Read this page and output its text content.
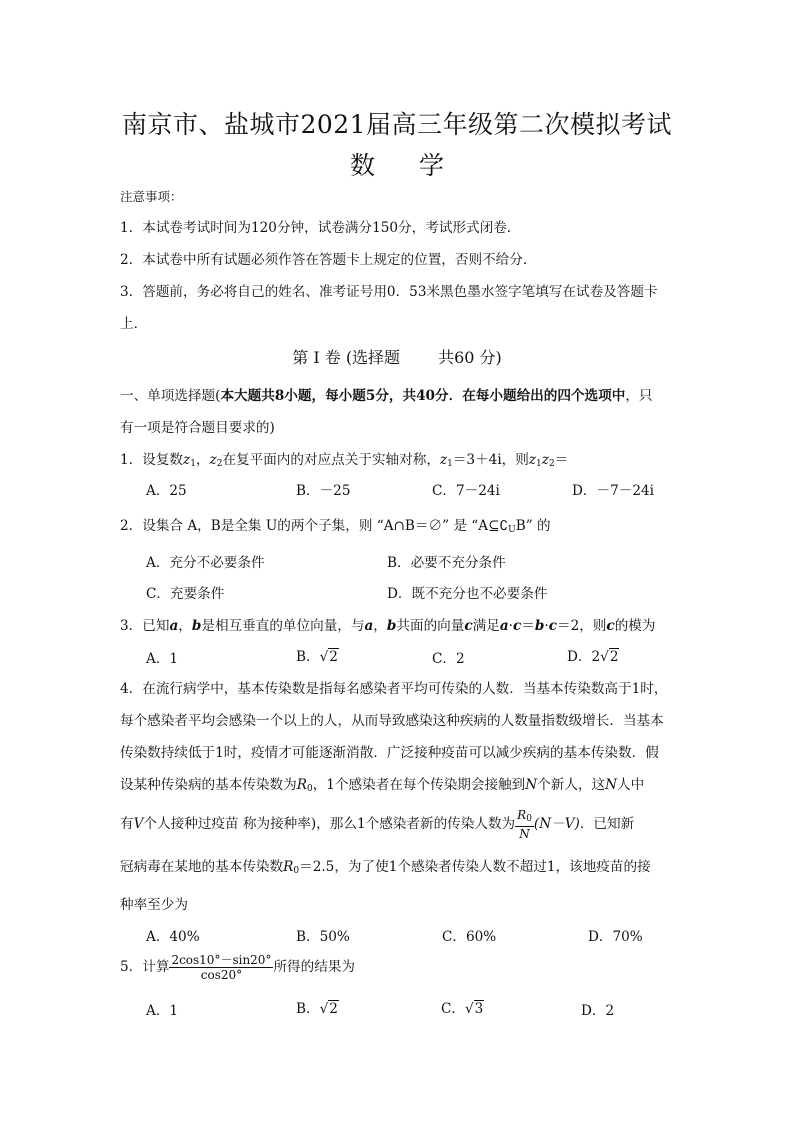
南京市、盐城市2021届高三年级第二次模拟考试
数学
注意事项：
1．本试卷考试时间为120分钟，试卷满分150分，考试形式闭卷．
2．本试卷中所有试题必须作答在答题卡上规定的位置，否则不给分．
3．答题前，务必将自己的姓名、准考证号用0．53米黑色墨水签字笔填写在试卷及答题卡
上．
第 I 卷 (选择题 共60 分)
一、单项选择题(本大题共8小题，每小题5分，共40分．在每小题给出的四个选项中，只
有一项是符合题目要求的)
1．设复数$z_1$，$z_2$在复平面内的对应点关于实轴对称，$z_1=3+4i$，则$z_1z_2=$
A．25	B．－25	C．7－24i	D．－7－24i
2．设集合 A，B是全集 U的两个子集，则 “A∩B＝∅” 是 “$A⊆∁_UB$” 的
A．充分不必要条件	B．必要不充分条件
C．充要条件	D．既不充分也不必要条件
3．已知a，b是相互垂直的单位向量，与a，b共面的向量c满足a·c＝b·c＝2，则c的模为
A．1	B．√2	C．2	D．2√2
4．在流行病学中，基本传染数是指每名感染者平均可传染的人数．当基本传染数高于1时，
每个感染者平均会感染一个以上的人，从而导致感染这种疾病的人数量指数级增长．当基本
传染数持续低于1时，疫情才可能逐渐消散．广泛接种疫苗可以减少疾病的基本传染数．假
设某种传染病的基本传染数为$R_0$，1个感染者在每个传染期会接触到N个新人，这N人中
有V个人接种过疫苗 称为接种率)，那么1个感染者新的传染人数为 $\frac{R_0}{N} (N-V)$．已知新
冠病毒在某地的基本传染数$R_0=2.5$，为了使1个感染者传染人数不超过1，该地疫苗的接
种率至少为
A．40%	B．50%	C．60%	D．70%
5．计算 $\frac{2\cos 10^\circ-\sin 20^\circ}{\cos 20^\circ}$ 所得的结果为
A．1	B．√2	C．√3	D．2
